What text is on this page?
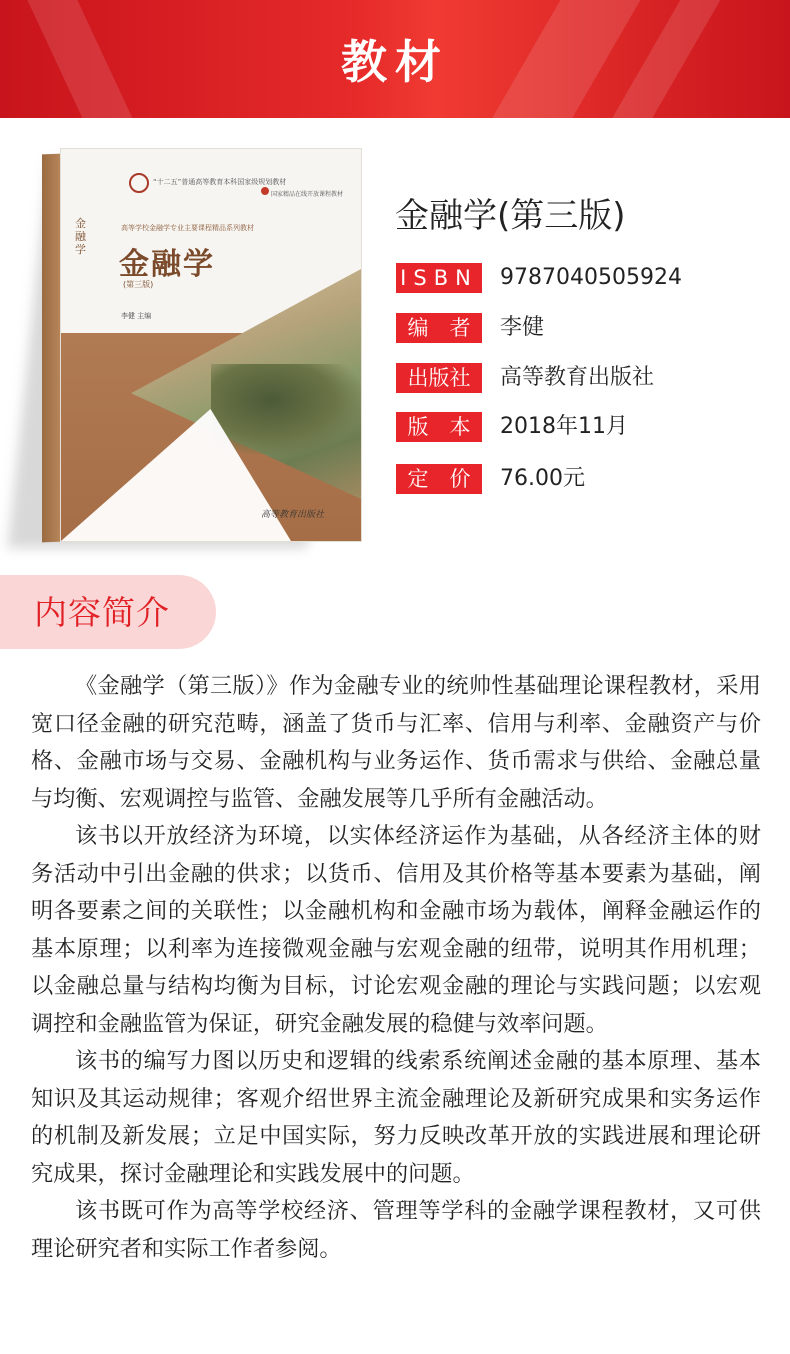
教材
“十二五”普通高等教育本科国家级规划教材
国家精品在线开放课程教材
高等学校金融学专业主要课程精品系列教材
金融学 金融学
(第三版)
李健 主编
高等教育出版社
金融学(第三版)
ISBN 9787040505924
编　者	李健
出版社	高等教育出版社
版　本	2018年11月
定　价	76.00元
内容简介

《金融学（第三版）》作为金融专业的统帅性基础理论课程教材，采用宽口径金融的研究范畴，涵盖了货币与汇率、信用与利率、金融资产与价格、金融市场与交易、金融机构与业务运作、货币需求与供给、金融总量与均衡、宏观调控与监管、金融发展等几乎所有金融活动。

该书以开放经济为环境，以实体经济运作为基础，从各经济主体的财务活动中引出金融的供求；以货币、信用及其价格等基本要素为基础，阐明各要素之间的关联性；以金融机构和金融市场为载体，阐释金融运作的基本原理；以利率为连接微观金融与宏观金融的纽带，说明其作用机理；以金融总量与结构均衡为目标，讨论宏观金融的理论与实践问题；以宏观调控和金融监管为保证，研究金融发展的稳健与效率问题。

该书的编写力图以历史和逻辑的线索系统阐述金融的基本原理、基本知识及其运动规律；客观介绍世界主流金融理论及新研究成果和实务运作的机制及新发展；立足中国实际，努力反映改革开放的实践进展和理论研究成果，探讨金融理论和实践发展中的问题。

该书既可作为高等学校经济、管理等学科的金融学课程教材，又可供理论研究者和实际工作者参阅。
